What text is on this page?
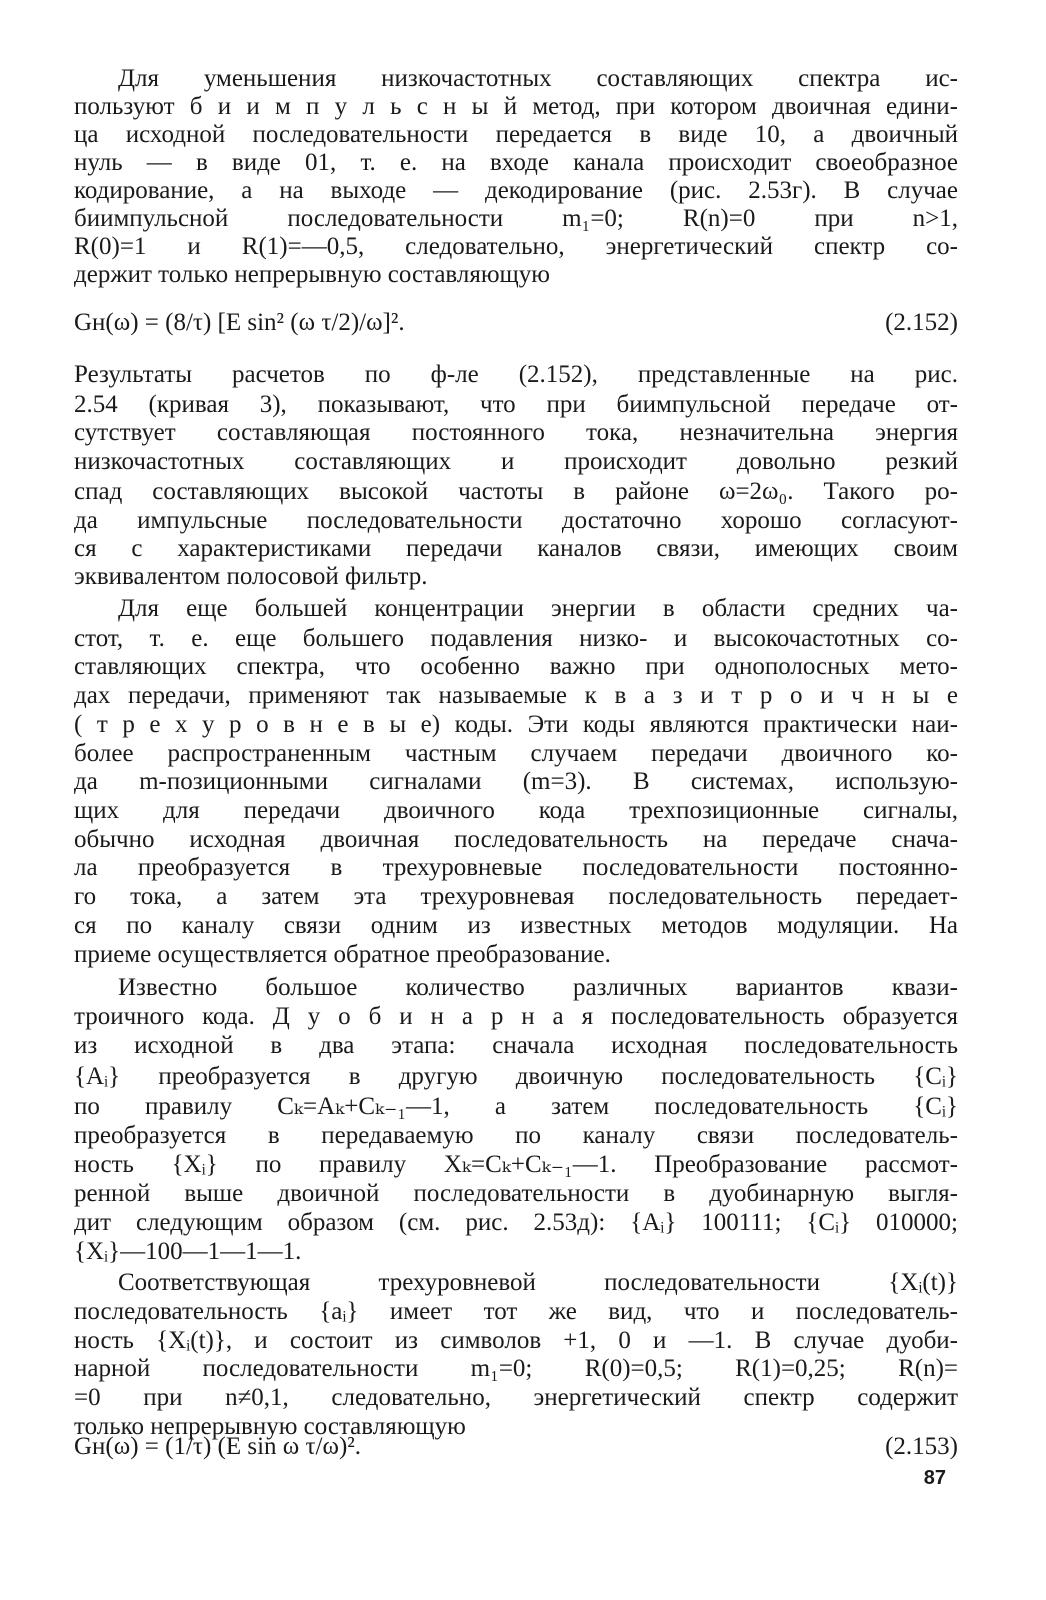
Для уменьшения низкочастотных составляющих спектра ис-
пользуют б и и м п у л ь с н ы й метод, при котором двоичная едини-
ца исходной последовательности передается в виде 10, а двоичный
нуль — в виде 01, т. е. на входе канала происходит своеобразное
кодирование, а на выходе — декодирование (рис. 2.53г). В случае
биимпульсной последовательности m₁=0; R(n)=0 при n>1,
R(0)=1 и R(1)=—0,5, следовательно, энергетический спектр со-
держит только непрерывную составляющую
Gн(ω) = (8/τ) [E sin² (ω τ/2)/ω]².
Результаты расчетов по ф-ле (2.152), представленные на рис.
2.54 (кривая 3), показывают, что при биимпульсной передаче от-
сутствует составляющая постоянного тока, незначительна энергия
низкочастотных составляющих и происходит довольно резкий
спад составляющих высокой частоты в районе ω=2ω₀. Такого ро-
да импульсные последовательности достаточно хорошо согласуют-
ся с характеристиками передачи каналов связи, имеющих своим
эквивалентом полосовой фильтр.
Для еще большей концентрации энергии в области средних ча-
стот, т. е. еще большего подавления низко- и высокочастотных со-
ставляющих спектра, что особенно важно при однополосных мето-
дах передачи, применяют так называемые к в а з и т р о и ч н ы е
( т р е х у р о в н е в ы е) коды. Эти коды являются практически наи-
более распространенным частным случаем передачи двоичного ко-
да m-позиционными сигналами (m=3). В системах, использую-
щих для передачи двоичного кода трехпозиционные сигналы,
обычно исходная двоичная последовательность на передаче снача-
ла преобразуется в трехуровневые последовательности постоянно-
го тока, а затем эта трехуровневая последовательность передает-
ся по каналу связи одним из известных методов модуляции. На
приеме осуществляется обратное преобразование.
Известно большое количество различных вариантов квази-
троичного кода. Д у о б и н а р н а я последовательность образуется
из исходной в два этапа: сначала исходная последовательность
{Aᵢ} преобразуется в другую двоичную последовательность {Cᵢ}
по правилу Cₖ=Aₖ+Cₖ₋₁—1, а затем последовательность {Cᵢ}
преобразуется в передаваемую по каналу связи последователь-
ность {Xᵢ} по правилу Xₖ=Cₖ+Cₖ₋₁—1. Преобразование рассмот-
ренной выше двоичной последовательности в дуобинарную выгля-
дит следующим образом (см. рис. 2.53д): {Aᵢ} 100111; {Cᵢ} 010000;
{Xᵢ}—100—1—1—1.
Соответствующая трехуровневой последовательности {Xᵢ(t)}
последовательность {aᵢ} имеет тот же вид, что и последователь-
ность {Xᵢ(t)}, и состоит из символов +1, 0 и —1. В случае дуоби-
нарной последовательности m₁=0; R(0)=0,5; R(1)=0,25; R(n)=
=0 при n≠0,1, следовательно, энергетический спектр содержит
только непрерывную составляющую
Gн(ω) = (1/τ) (E sin ω τ/ω)².
(2.152)
(2.153)
87
